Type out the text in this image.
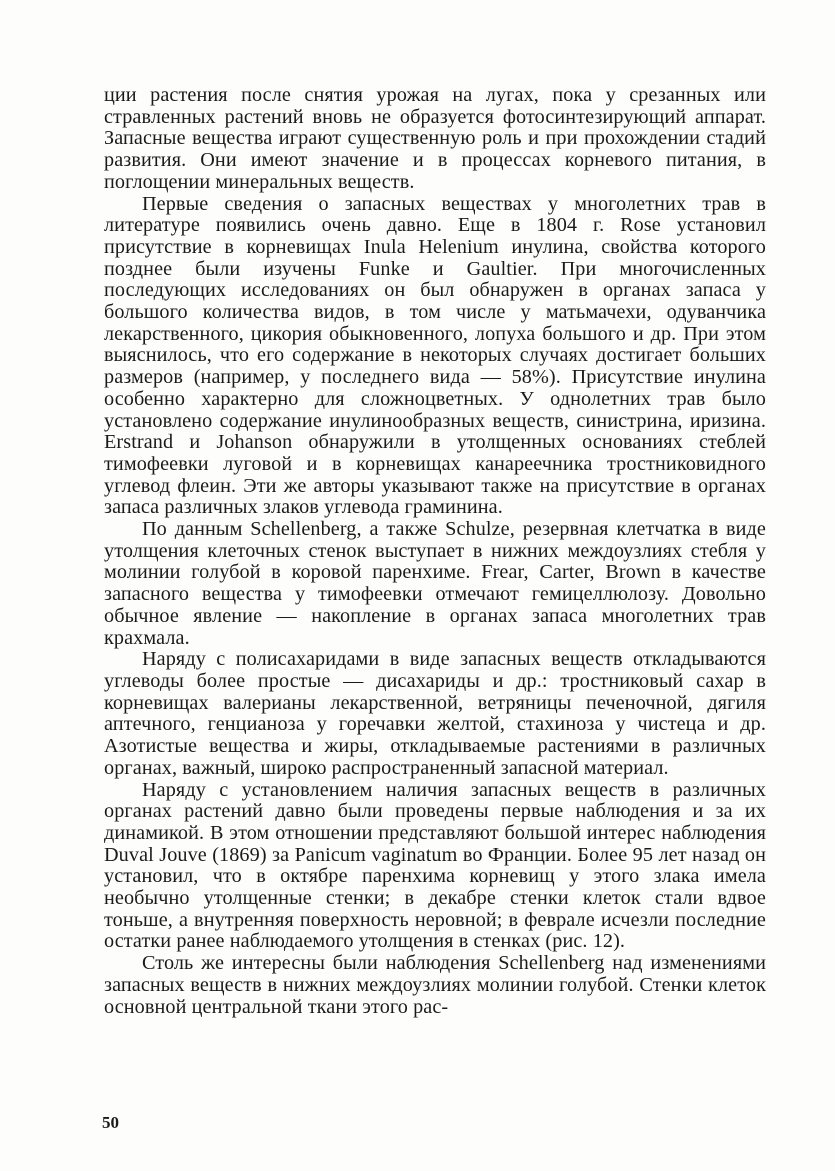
ции растения после снятия урожая на лугах, пока у срезанных или стравленных растений вновь не образуется фотосинтезирующий аппарат. Запасные вещества играют существенную роль и при прохождении стадий развития. Они имеют значение и в процессах корневого питания, в поглощении минеральных веществ.

Первые сведения о запасных веществах у многолетних трав в литературе появились очень давно. Еще в 1804 г. Rose установил присутствие в корневищах Inula Helenium инулина, свойства которого позднее были изучены Funke и Gaultier. При многочисленных последующих исследованиях он был обнаружен в органах запаса у большого количества видов, в том числе у матьмачехи, одуванчика лекарственного, цикория обыкновенного, лопуха большого и др. При этом выяснилось, что его содержание в некоторых случаях достигает больших размеров (например, у последнего вида — 58%). Присутствие инулина особенно характерно для сложноцветных. У однолетних трав было установлено содержание инулинообразных веществ, синистрина, иризина. Erstrand и Johanson обнаружили в утолщенных основаниях стеблей тимофеевки луговой и в корневищах канареечника тростниковидного углевод флеин. Эти же авторы указывают также на присутствие в органах запаса различных злаков углевода граминина.

По данным Schellenberg, а также Schulze, резервная клетчатка в виде утолщения клеточных стенок выступает в нижних междоузлиях стебля у молинии голубой в коровой паренхиме. Frear, Carter, Brown в качестве запасного вещества у тимофеевки отмечают гемицеллюлозу. Довольно обычное явление — накопление в органах запаса многолетних трав крахмала.

Наряду с полисахаридами в виде запасных веществ откладываются углеводы более простые — дисахариды и др.: тростниковый сахар в корневищах валерианы лекарственной, ветряницы печеночной, дягиля аптечного, генцианоза у горечавки желтой, стахиноза у чистеца и др. Азотистые вещества и жиры, откладываемые растениями в различных органах, важный, широко распространенный запасной материал.

Наряду с установлением наличия запасных веществ в различных органах растений давно были проведены первые наблюдения и за их динамикой. В этом отношении представляют большой интерес наблюдения Duval Jouve (1869) за Panicum vaginatum во Франции. Более 95 лет назад он установил, что в октябре паренхима корневищ у этого злака имела необычно утолщенные стенки; в декабре стенки клеток стали вдвое тоньше, а внутренняя поверхность неровной; в феврале исчезли последние остатки ранее наблюдаемого утолщения в стенках (рис. 12).

Столь же интересны были наблюдения Schellenberg над изменениями запасных веществ в нижних междоузлиях молинии голубой. Стенки клеток основной центральной ткани этого рас-

50
